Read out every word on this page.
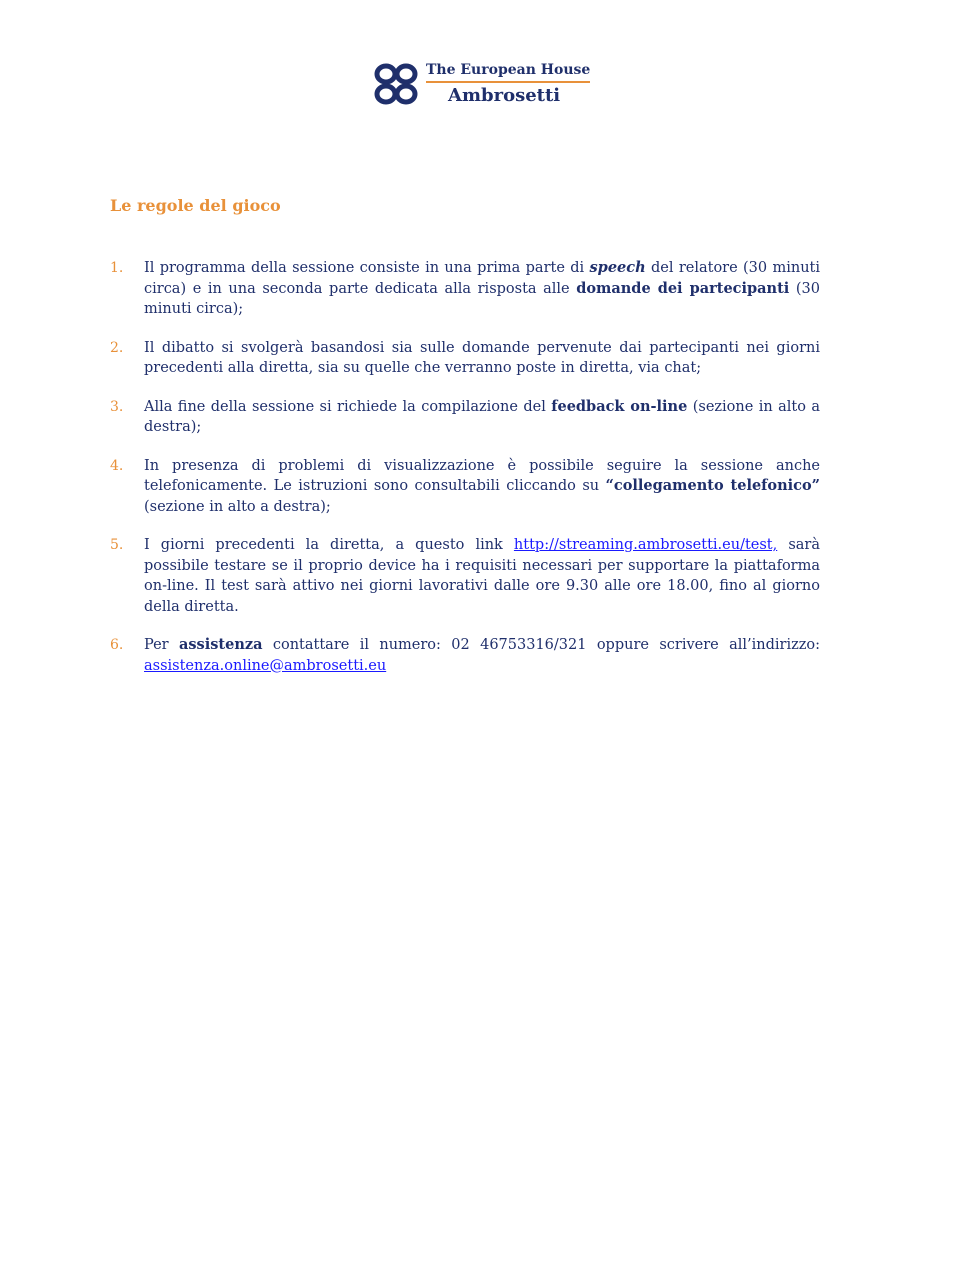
The European House
Ambrosetti
Le regole del gioco
1.	Il programma della sessione consiste in una prima parte di speech del relatore (30 minuti circa) e in una seconda parte dedicata alla risposta alle domande dei partecipanti (30 minuti circa);
2.	Il dibatto si svolgerà basandosi sia sulle domande pervenute dai partecipanti nei giorni precedenti alla diretta, sia su quelle che verranno poste in diretta, via chat;
3.	Alla fine della sessione si richiede la compilazione del feedback on-line (sezione in alto a destra);
4.	In presenza di problemi di visualizzazione è possibile seguire la sessione anche telefonicamente. Le istruzioni sono consultabili cliccando su “collegamento telefonico” (sezione in alto a destra);
5.	I giorni precedenti la diretta, a questo link http://streaming.ambrosetti.eu/test, sarà possibile testare se il proprio device ha i requisiti necessari per supportare la piattaforma on-line. Il test sarà attivo nei giorni lavorativi dalle ore 9.30 alle ore 18.00, fino al giorno della diretta.
6.	Per assistenza contattare il numero: 02 46753316/321 oppure scrivere all’indirizzo: assistenza.online@ambrosetti.eu
